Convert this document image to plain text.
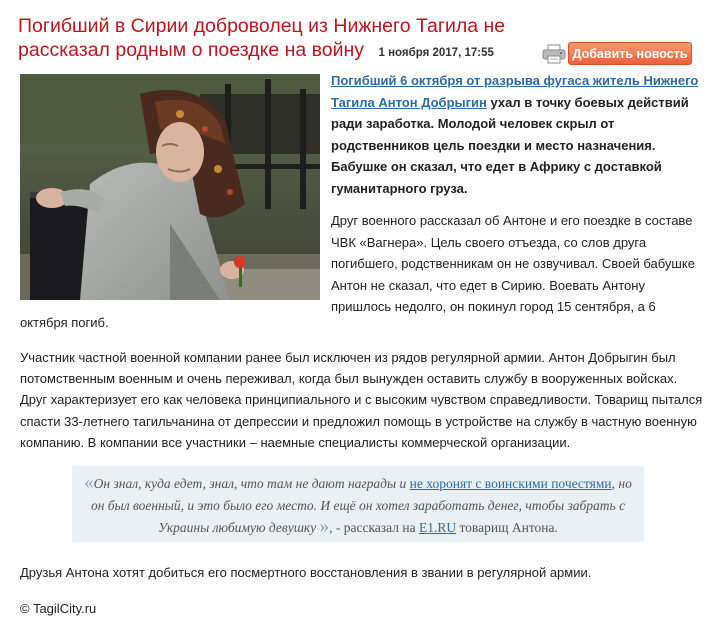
Погибший в Сирии доброволец из Нижнего Тагила не рассказал родным о поездке на войну 1 ноября 2017, 17:55	Добавить новость
Погибший 6 октября от разрыва фугаса житель Нижнего Тагила Антон Добрыгин ухал в точку боевых действий ради заработка. Молодой человек скрыл от родственников цель поездки и место назначения. Бабушке он сказал, что едет в Африку с доставкой гуманитарного груза.
Друг военного рассказал об Антоне и его поездке в составе ЧВК «Вагнера». Цель своего отъезда, со слов друга погибшего, родственникам он не озвучивал. Своей бабушке Антон не сказал, что едет в Сирию. Воевать Антону пришлось недолго, он покинул город 15 сентября, а 6
октября погиб.
Участник частной военной компании ранее был исключен из рядов регулярной армии. Антон Добрыгин был потомственным военным и очень переживал, когда был вынужден оставить службу в вооруженных войсках. Друг характеризует его как человека принципиального и с высоким чувством справедливости. Товарищ пытался спасти 33-летнего тагильчанина от депрессии и предложил помощь в устройстве на службу в частную военную компанию. В компании все участники – наемные специалисты коммерческой организации.
«Он знал, куда едет, знал, что там не дают награды и не хоронят с воинскими почестями, но он был военный, и это было его место. И ещё он хотел заработать денег, чтобы забрать с Украины любимую девушку », - рассказал на E1.RU товарищ Антона.
Друзья Антона хотят добиться его посмертного восстановления в звании в регулярной армии.
© TagilCity.ru
